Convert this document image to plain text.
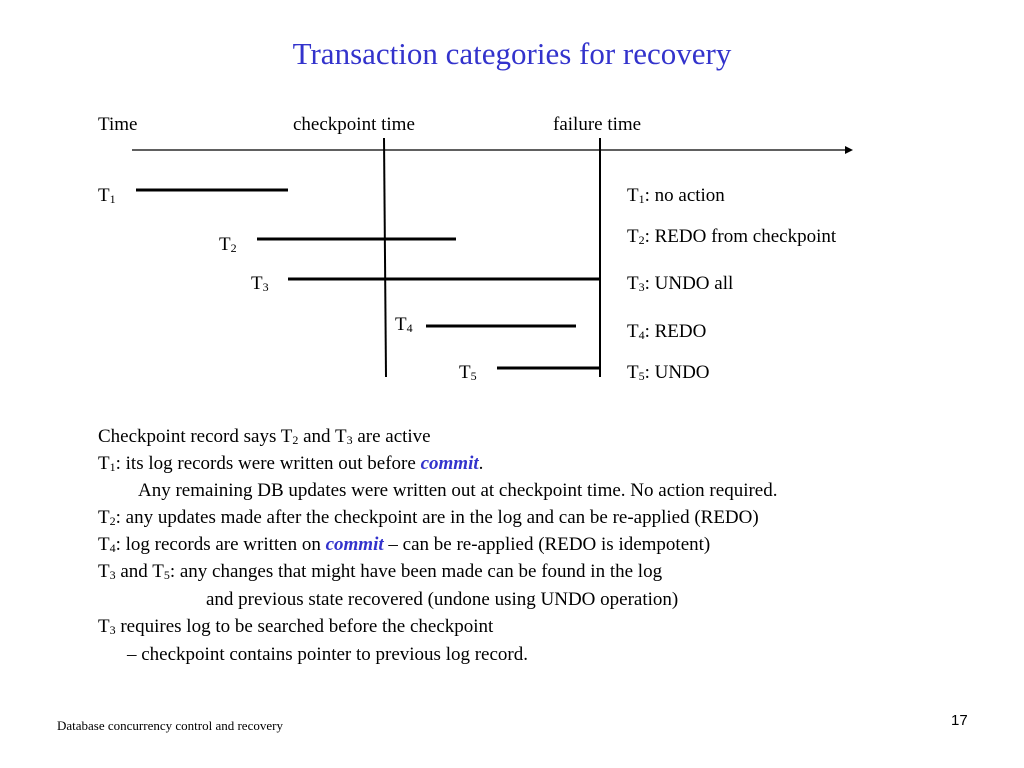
Transaction categories for recovery
Time	checkpoint time	failure time
T1
T2
T3
T4
T5
T1: no action
T2: REDO from checkpoint
T3: UNDO all
T4: REDO
T5: UNDO
Checkpoint record says T2 and T3 are active
T1: its log records were written out before commit.
Any remaining DB updates were written out at checkpoint time. No action required.
T2: any updates made after the checkpoint are in the log and can be re-applied (REDO)
T4: log records are written on commit – can be re-applied (REDO is idempotent)
T3 and T5: any changes that might have been made can be found in the log
and previous state recovered (undone using UNDO operation)
T3 requires log to be searched before the checkpoint
– checkpoint contains pointer to previous log record.
Database concurrency control and recovery	17
